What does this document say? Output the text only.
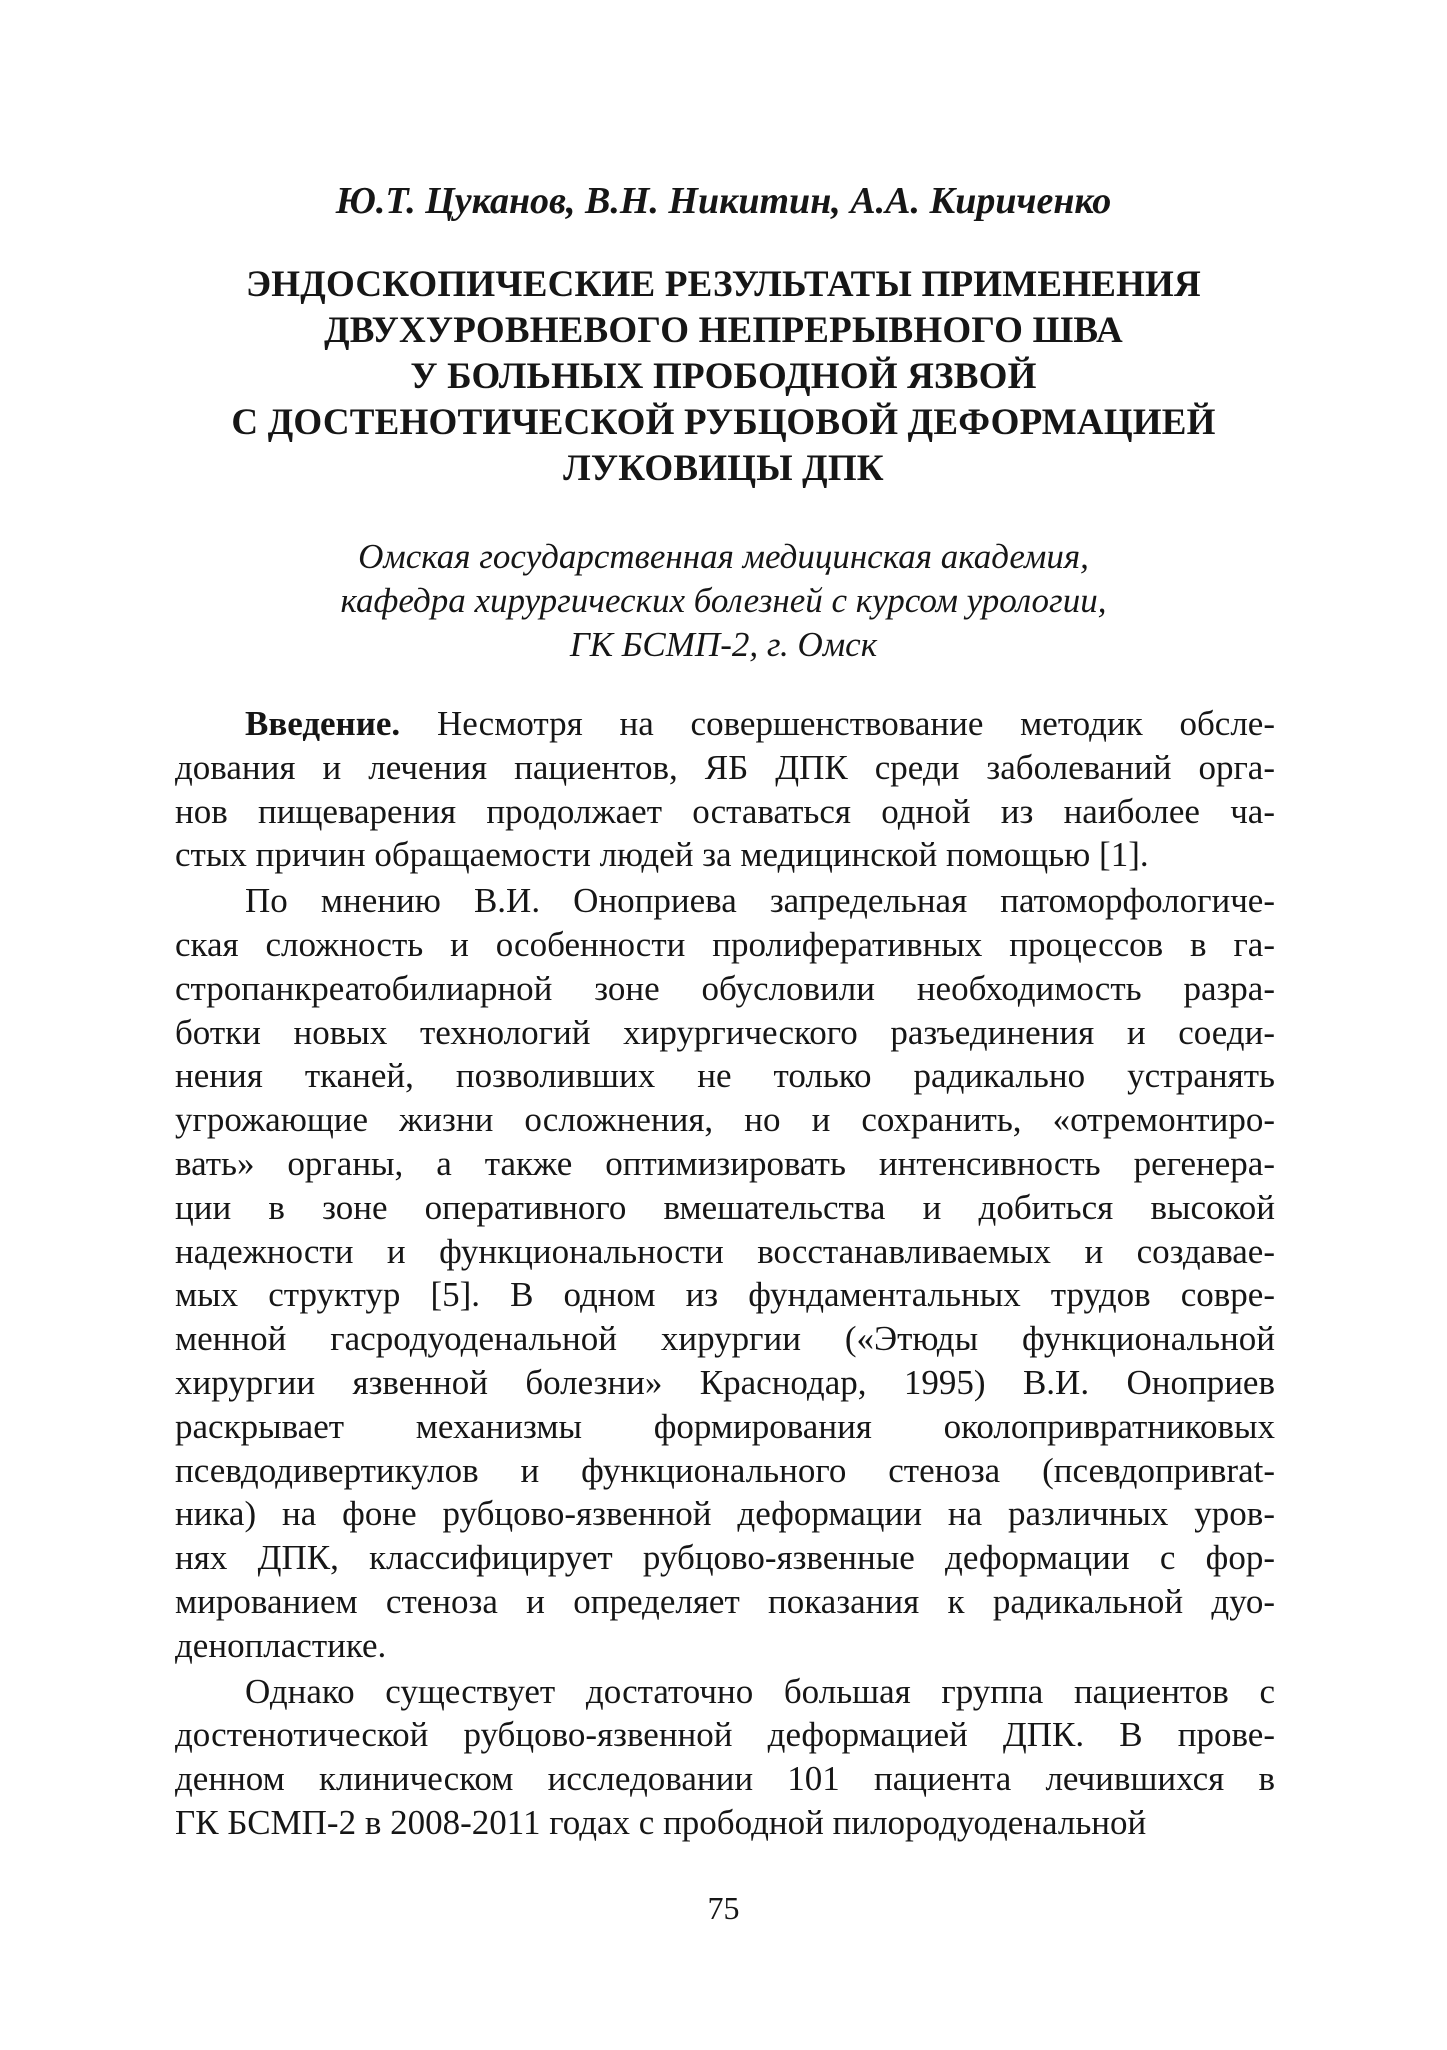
Ю.Т. Цуканов, В.Н. Никитин, А.А. Кириченко

ЭНДОСКОПИЧЕСКИЕ РЕЗУЛЬТАТЫ ПРИМЕНЕНИЯ
ДВУХУРОВНЕВОГО НЕПРЕРЫВНОГО ШВА
У БОЛЬНЫХ ПРОБОДНОЙ ЯЗВОЙ
С ДОСТЕНОТИЧЕСКОЙ РУБЦОВОЙ ДЕФОРМАЦИЕЙ
ЛУКОВИЦЫ ДПК

Омская государственная медицинская академия,
кафедра хирургических болезней с курсом урологии,
ГК БСМП-2, г. Омск

Введение. Несмотря на совершенствование методик обсле-
дования и лечения пациентов, ЯБ ДПК среди заболеваний орга-
нов пищеварения продолжает оставаться одной из наиболее ча-
стых причин обращаемости людей за медицинской помощью [1].
По мнению В.И. Оноприева запредельная патоморфологиче-
ская сложность и особенности пролиферативных процессов в га-
стропанкреатобилиарной зоне обусловили необходимость разра-
ботки новых технологий хирургического разъединения и соеди-
нения тканей, позволивших не только радикально устранять
угрожающие жизни осложнения, но и сохранить, «отремонтиро-
вать» органы, а также оптимизировать интенсивность регенера-
ции в зоне оперативного вмешательства и добиться высокой
надежности и функциональности восстанавливаемых и создавае-
мых структур [5]. В одном из фундаментальных трудов совре-
менной гасродуоденальной хирургии («Этюды функциональной
хирургии язвенной болезни» Краснодар, 1995) В.И. Оноприев
раскрывает механизмы формирования околопривратниковых
псевдодивертикулов и функционального стеноза (псевдопривrat-
ника) на фоне рубцово-язвенной деформации на различных уров-
нях ДПК, классифицирует рубцово-язвенные деформации с фор-
мированием стеноза и определяет показания к радикальной дуо-
денопластике.
Однако существует достаточно большая группа пациентов с
достенотической рубцово-язвенной деформацией ДПК. В прове-
денном клиническом исследовании 101 пациента лечившихся в
ГК БСМП-2 в 2008-2011 годах с прободной пилородуоденальной

75
